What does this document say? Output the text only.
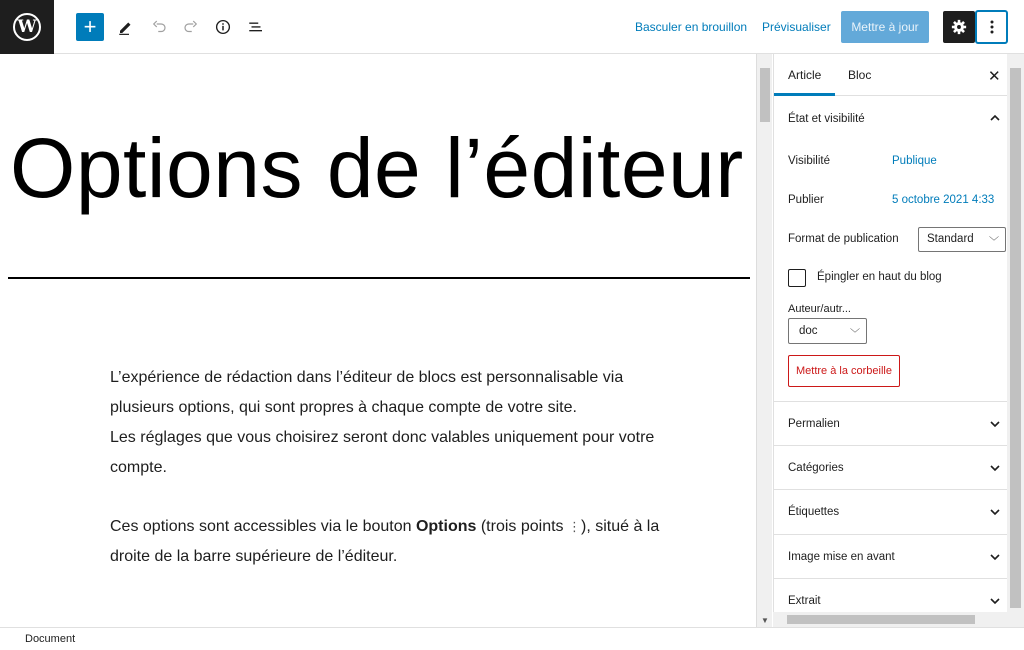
W +	Basculer en brouillon Prévisualiser	Mettre à jour
Options de l’éditeur

L’expérience de rédaction dans l’éditeur de blocs est personnalisable via plusieurs options, qui sont propres à chaque compte de votre site.
Les réglages que vous choisirez seront donc valables uniquement pour votre compte.

Ces options sont accessibles via le bouton Options (trois points ⋮), situé à la droite de la barre supérieure de l’éditeur.

▼
Article	Bloc	✕
État et visibilité
Visibilité	Publique
Publier	5 octobre 2021 4:33
Format de publication	Standard ﹀
Épingler en haut du blog
Auteur/autr...
doc	﹀
Mettre à la corbeille
Permalien
Catégories
Étiquettes
Image mise en avant
Extrait
Document
